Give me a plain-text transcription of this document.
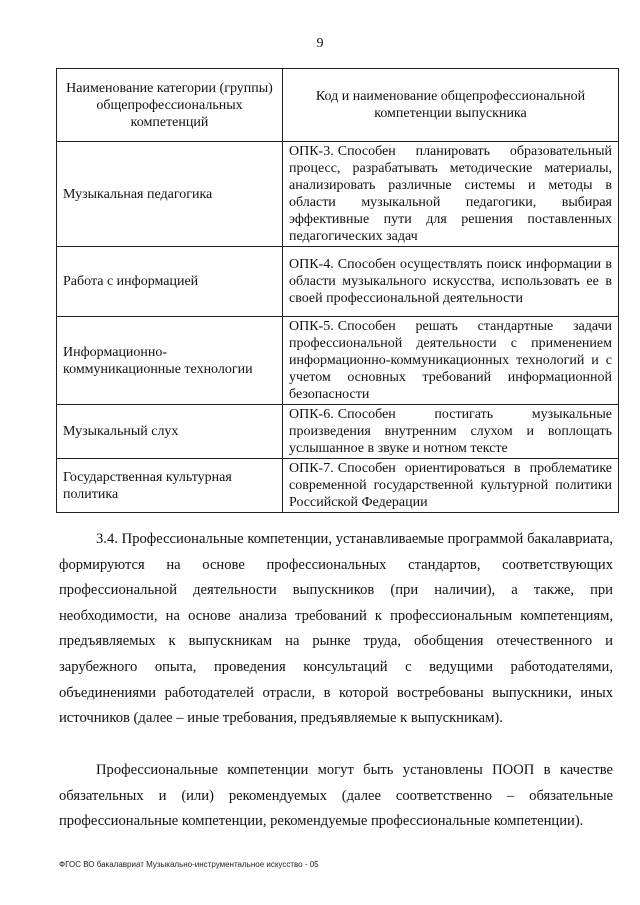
9
Наименование категории (группы) общепрофессиональных компетенций	Код и наименование общепрофессиональной компетенции выпускника
Музыкальная педагогика	ОПК-3. Способен планировать образовательный процесс, разрабатывать методические материалы, анализировать различные системы и методы в области музыкальной педагогики, выбирая эффективные пути для решения поставленных педагогических задач
Работа с информацией	ОПК-4. Способен осуществлять поиск информации в области музыкального искусства, использовать ее в своей профессиональной деятельности
Информационно-коммуникационные технологии	ОПК-5. Способен решать стандартные задачи профессиональной деятельности с применением информационно-коммуникационных технологий и с учетом основных требований информационной безопасности
Музыкальный слух	ОПК-6. Способен постигать музыкальные произведения внутренним слухом и воплощать услышанное в звуке и нотном тексте
Государственная культурная политика	ОПК-7. Способен ориентироваться в проблематике современной государственной культурной политики Российской Федерации

3.4. Профессиональные компетенции, устанавливаемые программой бакалавриата, формируются на основе профессиональных стандартов, соответствующих профессиональной деятельности выпускников (при наличии), а также, при необходимости, на основе анализа требований к профессиональным компетенциям, предъявляемых к выпускникам на рынке труда, обобщения отечественного и зарубежного опыта, проведения консультаций с ведущими работодателями, объединениями работодателей отрасли, в которой востребованы выпускники, иных источников (далее – иные требования, предъявляемые к выпускникам).

Профессиональные компетенции могут быть установлены ПООП в качестве обязательных и (или) рекомендуемых (далее соответственно – обязательные профессиональные компетенции, рекомендуемые профессиональные компетенции).

ФГОС ВО бакалавриат Музыкально-инструментальное искусство - 05
